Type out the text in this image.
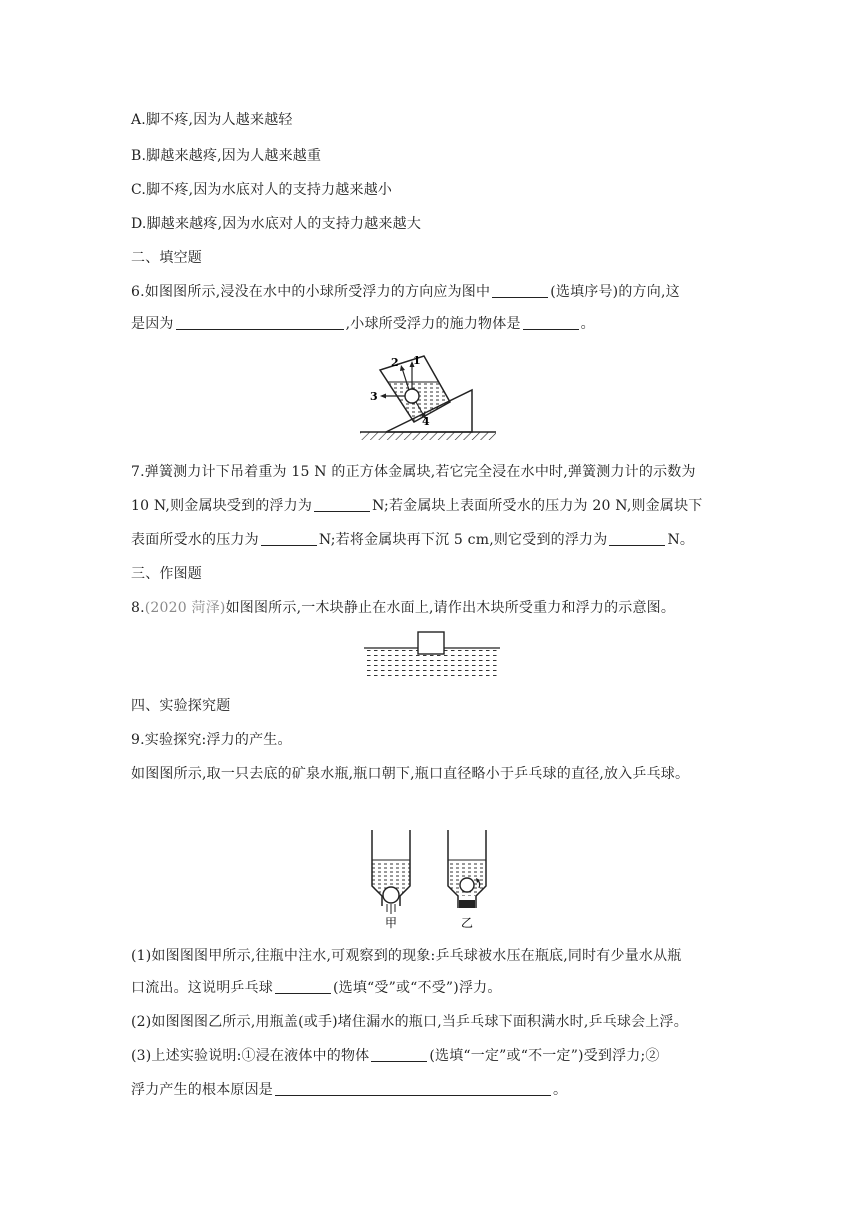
A.脚不疼,因为人越来越轻
B.脚越来越疼,因为人越来越重
C.脚不疼,因为水底对人的支持力越来越小
D.脚越来越疼,因为水底对人的支持力越来越大
二、填空题
6.如图图所示,浸没在水中的小球所受浮力的方向应为图中	(选填序号)的方向,这
是因为	,小球所受浮力的施力物体是	。
1
2
3
4
7.弹簧测力计下吊着重为 15 N 的正方体金属块,若它完全浸在水中时,弹簧测力计的示数为
10 N,则金属块受到的浮力为	N;若金属块上表面所受水的压力为 20 N,则金属块下
表面所受水的压力为	N;若将金属块再下沉 5 cm,则它受到的浮力为	N。
三、作图题
8.(2020 菏泽)如图图所示,一木块静止在水面上,请作出木块所受重力和浮力的示意图。
四、实验探究题
9.实验探究:浮力的产生。
如图图所示,取一只去底的矿泉水瓶,瓶口朝下,瓶口直径略小于乒乓球的直径,放入乒乓球。
甲	乙
(1)如图图图甲所示,往瓶中注水,可观察到的现象:乒乓球被水压在瓶底,同时有少量水从瓶
口流出。这说明乒乓球	(选填“受”或“不受”)浮力。
(2)如图图图乙所示,用瓶盖(或手)堵住漏水的瓶口,当乒乓球下面积满水时,乒乓球会上浮。
(3)上述实验说明:①浸在液体中的物体	(选填“一定”或“不一定”)受到浮力;②
浮力产生的根本原因是	。
